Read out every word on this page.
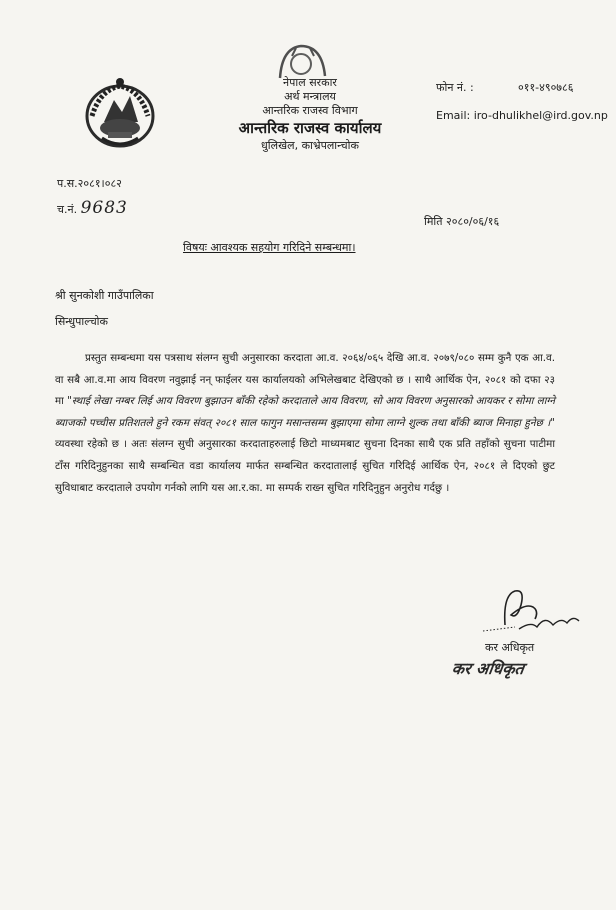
नेपाल सरकार
अर्थ मन्त्रालय
आन्तरिक राजस्व विभाग
आन्तरिक राजस्व कार्यालय
धुलिखेल, काभ्रेपलान्चोक
फोन नं. :	०११-४९०७८६
Email: iro-dhulikhel@ird.gov.np
प.स.२०८१।०८२
च.नं. 9683
मिति २०८०/०६/१६
विषयः आवश्यक सहयोग गरिदिने सम्बन्धमा।
श्री सुनकोशी गाउँपालिका
सिन्धुपाल्चोक
प्रस्तुत सम्बन्धमा यस पत्रसाथ संलग्न सुची अनुसारका करदाता आ.व. २०६४/०६५ देखि आ.व. २०७९/०८० सम्म कुनै एक आ.व. वा सबै आ.व.मा आय विवरण नवुझाई नन् फाईलर यस कार्यालयको अभिलेखबाट देखिएको छ । साथै आर्थिक ऐन, २०८१ को दफा २३ मा "स्थाई लेखा नम्बर लिई आय विवरण बुझाउन बाँकी रहेको करदाताले आय विवरण, सो आय विवरण अनुसारको आयकर र सोमा लाग्ने ब्याजको पच्चीस प्रतिशतले हुने रकम संवत् २०८१ साल फागुन मसान्तसम्म बुझाएमा सोमा लाग्ने शुल्क तथा बाँकी ब्याज मिनाहा हुनेछ ।" व्यवस्था रहेको छ । अतः संलग्न सुची अनुसारका करदाताहरुलाई छिटो माध्यमबाट सुचना दिनका साथै एक प्रति तहाँको सुचना पाटीमा टाँस गरिदिनुहुनका साथै सम्बन्धित वडा कार्यालय मार्फत सम्बन्धित करदातालाई सुचित गरिदिई आर्थिक ऐन, २०८१ ले दिएको छुट सुविधाबाट करदाताले उपयोग गर्नको लागि यस आ.र.का. मा सम्पर्क राख्न सुचित गरिदिनुहुन अनुरोध गर्दछु ।
कर अधिकृत
कर अधिकृत
